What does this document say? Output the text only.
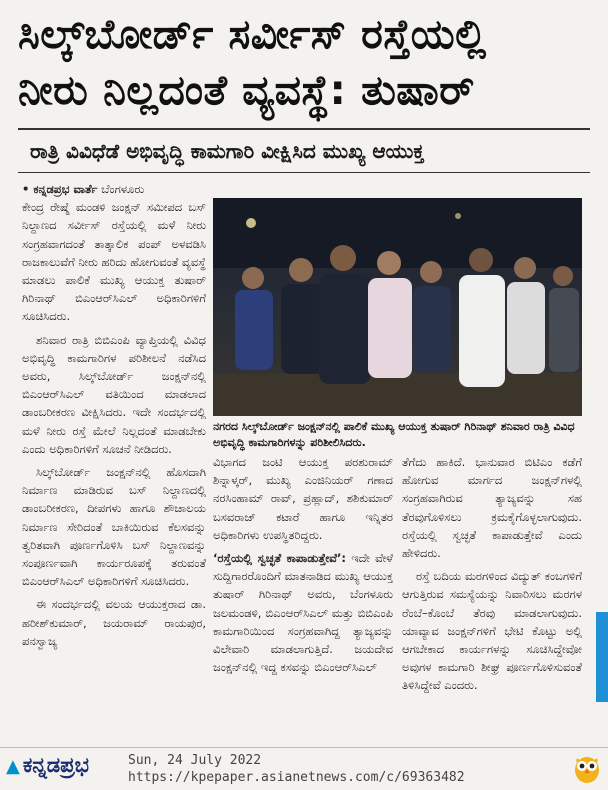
ಸಿಲ್ಕ್‌ಬೋರ್ಡ್‌ ಸರ್ವೀಸ್ ರಸ್ತೆಯಲ್ಲಿ
ನೀರು ನಿಲ್ಲದಂತೆ ವ್ಯವಸ್ಥೆ: ತುಷಾರ್
ರಾತ್ರಿ ವಿವಿಧೆಡೆ ಅಭಿವೃದ್ಧಿ ಕಾಮಗಾರಿ ವೀಕ್ಷಿಸಿದ ಮುಖ್ಯ ಆಯುಕ್ತ

• ಕನ್ನಡಪ್ರಭ ವಾರ್ತೆ ಬೆಂಗಳೂರು
ಕೇಂದ್ರ ರೇಷ್ಮೆ ಮಂಡಳಿ ಜಂಕ್ಷನ್ ಸಮೀಪದ ಬಸ್ ನಿಲ್ದಾಣದ ಸರ್ವೀಸ್ ರಸ್ತೆಯಲ್ಲಿ ಮಳೆ ನೀರು ಸಂಗ್ರಹವಾಗದಂತೆ ತಾತ್ಕಾಲಿಕ ಪಂಪ್ ಅಳವಡಿಸಿ ರಾಜಕಾಲುವೆಗೆ ನೀರು ಹರಿದು ಹೋಗುವಂತೆ ವ್ಯವಸ್ಥೆ ಮಾಡಲು ಪಾಲಿಕೆ ಮುಖ್ಯ ಆಯುಕ್ತ ತುಷಾರ್ ಗಿರಿನಾಥ್ ಬಿಎಂಆರ್‌ಸಿಎಲ್ ಅಧಿಕಾರಿಗಳಿಗೆ ಸೂಚಿಸಿದರು.

ಶನಿವಾರ ರಾತ್ರಿ ಬಿಬಿಎಂಪಿ ವ್ಯಾಪ್ತಿಯಲ್ಲಿ ವಿವಿಧ ಅಭಿವೃದ್ಧಿ ಕಾಮಗಾರಿಗಳ ಪರಿಶೀಲನೆ ನಡೆಸಿದ ಅವರು, ಸಿಲ್ಕ್‌ಬೋರ್ಡ್ ಜಂಕ್ಷನ್‌ನಲ್ಲಿ ಬಿಎಂಆರ್‌ಸಿಎಲ್ ವತಿಯಿಂದ ಮಾಡಲಾದ ಡಾಂಬರೀಕರಣ ವೀಕ್ಷಿಸಿದರು. ಇದೇ ಸಂದರ್ಭದಲ್ಲಿ ಮಳೆ ನೀರು ರಸ್ತೆ ಮೇಲೆ ನಿಲ್ಲದಂತೆ ಮಾಡಬೇಕು ಎಂದು ಅಧಿಕಾರಿಗಳಿಗೆ ಸೂಚನೆ ನೀಡಿದರು.

ಸಿಲ್ಕ್‌ಬೋರ್ಡ್ ಜಂಕ್ಷನ್‌ನಲ್ಲಿ ಹೊಸದಾಗಿ ನಿರ್ಮಾಣ ಮಾಡಿರುವ ಬಸ್ ನಿಲ್ದಾಣದಲ್ಲಿ ಡಾಂಬರೀಕರಣ, ದೀಪಗಳು ಹಾಗೂ ಶೌಚಾಲಯ ನಿರ್ಮಾಣ ಸೇರಿದಂತೆ ಬಾಕಿಯಿರುವ ಕೆಲಸವನ್ನು ತ್ವರಿತವಾಗಿ ಪೂರ್ಣಗೊಳಿಸಿ ಬಸ್ ನಿಲ್ದಾಣವನ್ನು ಸಂಪೂರ್ಣವಾಗಿ ಕಾರ್ಯರೂಪಕ್ಕೆ ತರುವಂತೆ ಬಿಎಂಆರ್‌ಸಿಎಲ್ ಅಧಿಕಾರಿಗಳಿಗೆ ಸೂಚಿಸಿದರು.

ಈ ಸಂದರ್ಭದಲ್ಲಿ ವಲಯ ಆಯುಕ್ತರಾದ ಡಾ. ಹರೀಶ್‌ಕುಮಾರ್, ಜಯರಾಮ್ ರಾಯಪುರ, ಪನಸ್ವಾಜ್ಯ

ನಗರದ ಸಿಲ್ಕ್‌ಬೋರ್ಡ್ ಜಂಕ್ಷನ್‌ನಲ್ಲಿ ಪಾಲಿಕೆ ಮುಖ್ಯ ಆಯುಕ್ತ ತುಷಾರ್ ಗಿರಿನಾಥ್ ಶನಿವಾರ ರಾತ್ರಿ ವಿವಿಧ ಅಭಿವೃದ್ಧಿ ಕಾಮಗಾರಿಗಳನ್ನು ಪರಿಶೀಲಿಸಿದರು.

ವಿಭಾಗದ ಜಂಟಿ ಆಯುಕ್ತ ಪರಶುರಾಮ್ ಶಿನ್ನಾಳ್ಕರ್, ಮುಖ್ಯ ಎಂಜಿನಿಯರ್ ಗಣಾದ ನರಸಿಂಹಾಮ್ ರಾವ್, ಪ್ರಹ್ಲಾದ್, ಶಶಿಕುಮಾರ್ ಬಸವರಾಜ್ ಕಟಾರೆ ಹಾಗೂ ಇನ್ನಿತರ ಅಧಿಕಾರಿಗಳು ಉಪಸ್ಥಿತರಿದ್ದರು.

‘ರಸ್ತೆಯಲ್ಲಿ ಸ್ವಚ್ಛತೆ ಕಾಪಾಡುತ್ತೇವೆ’: ಇದೇ ವೇಳೆ ಸುದ್ದಿಗಾರರೊಂದಿಗೆ ಮಾತನಾಡಿದ ಮುಖ್ಯ ಆಯುಕ್ತ ತುಷಾರ್ ಗಿರಿನಾಥ್ ಅವರು, ಬೆಂಗಳೂರು ಜಲಮಂಡಳಿ, ಬಿಎಂಆರ್‌ಸಿಎಲ್ ಮತ್ತು ಬಿಬಿಎಂಪಿ ಕಾಮಗಾರಿಯಿಂದ ಸಂಗ್ರಹವಾಗಿದ್ದ ತ್ಯಾಜ್ಯವನ್ನು ವಿಲೇವಾರಿ ಮಾಡಲಾಗುತ್ತಿದೆ. ಜಯದೇವ ಜಂಕ್ಷನ್‌ನಲ್ಲಿ ಇದ್ದ ಕಸವನ್ನು ಬಿಎಂಆರ್‌ಸಿಎಲ್

ತೆಗೆದು ಹಾಕಿದೆ. ಭಾನುವಾರ ಬಿಟಿಎಂ ಕಡೆಗೆ ಹೋಗುವ ಮಾರ್ಗದ ಜಂಕ್ಷನ್‌ಗಳಲ್ಲಿ ಸಂಗ್ರಹವಾಗಿರುವ ತ್ಯಾಜ್ಯವನ್ನು ಸಹ ತೆರವುಗೊಳಿಸಲು ಕ್ರಮಕೈಗೊಳ್ಳಲಾಗುವುದು. ರಸ್ತೆಯಲ್ಲಿ ಸ್ವಚ್ಛತೆ ಕಾಪಾಡುತ್ತೇವೆ ಎಂದು ಹೇಳಿದರು.

ರಸ್ತೆ ಬದಿಯ ಮರಗಳಿಂದ ವಿದ್ಯುತ್ ಕಂಬಗಳಿಗೆ ಆಗುತ್ತಿರುವ ಸಮಸ್ಯೆಯನ್ನು ನಿವಾರಿಸಲು ಮರಗಳ ರೆಂಬೆ–ಕೊಂಬೆ ತೆರವು ಮಾಡಲಾಗುವುದು. ಯಾವ್ಯಾವ ಜಂಕ್ಷನ್‌ಗಳಿಗೆ ಭೇಟಿ ಕೊಟ್ಟು ಅಲ್ಲಿ ಆಗಬೇಕಾದ ಕಾರ್ಯಗಳನ್ನು ಸೂಚಿಸಿದ್ದೇವೋ ಅವುಗಳ ಕಾಮಗಾರಿ ಶೀಘ್ರ ಪೂರ್ಣಗೊಳಿಸುವಂತೆ ತಿಳಿಸಿದ್ದೇವೆ ಎಂದರು.

▲ ಕನ್ನಡಪ್ರಭ	Sun, 24 July 2022
https://kpepaper.asianetnews.com/c/69363482
